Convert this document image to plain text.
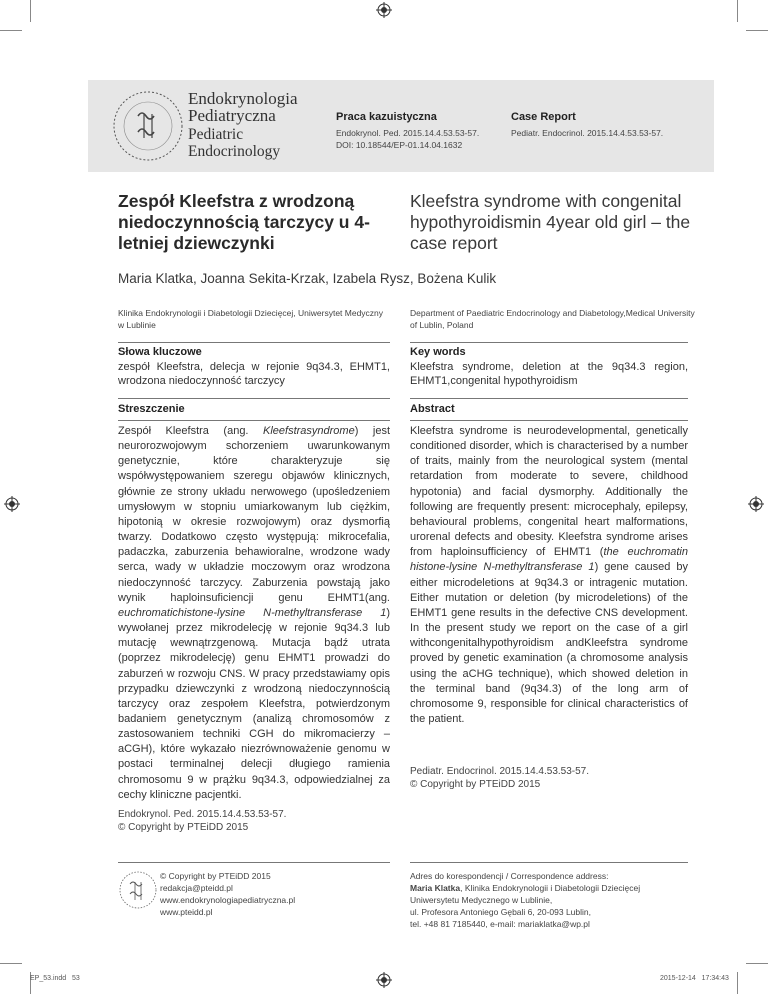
Endokrynologia
Pediatryczna
Pediatric
Endocrinology
Praca kazuistyczna
Endokrynol. Ped. 2015.14.4.53.53-57.
DOI: 10.18544/EP-01.14.04.1632
Case Report
Pediatr. Endocrinol. 2015.14.4.53.53-57.
Zespół Kleefstra z wrodzoną niedoczynnością tarczycy u 4-letniej dziewczynki
Kleefstra syndrome with congenital hypothyroidismin 4year old girl – the case report
Maria Klatka, Joanna Sekita-Krzak, Izabela Rysz, Bożena Kulik
Klinika Endokrynologii i Diabetologii Dziecięcej, Uniwersytet Medyczny w Lublinie
Department of Paediatric Endocrinology and Diabetology,Medical University of Lublin, Poland
Słowa kluczowe
zespół Kleefstra, delecja w rejonie 9q34.3, EHMT1, wrodzona niedoczynność tarczycy
Key words
Kleefstra syndrome, deletion at the 9q34.3 region, EHMT1,congenital hypothyroidism
Streszczenie	Abstract

Zespół Kleefstra (ang. Kleefstrasyndrome) jest neurorozwojowym schorzeniem uwarunkowanym genetycznie, które charakteryzuje się współwystępowaniem szeregu objawów klinicznych, głównie ze strony układu nerwowego (upośledzeniem umysłowym w stopniu umiarkowanym lub ciężkim, hipotonią w okresie rozwojowym) oraz dysmorfią twarzy. Dodatkowo często występują: mikrocefalia, padaczka, zaburzenia behawioralne, wrodzone wady serca, wady w układzie moczowym oraz wrodzona niedoczynność tarczycy. Zaburzenia powstają jako wynik haploinsuficiencji genu EHMT1(ang. euchromatichistone-lysine N-methyltransferase 1) wywołanej przez mikrodelecję w rejonie 9q34.3 lub mutację wewnątrzgenową. Mutacja bądź utrata (poprzez mikrodelecję) genu EHMT1 prowadzi do zaburzeń w rozwoju CNS. W pracy przedstawiamy opis przypadku dziewczynki z wrodzoną niedoczynnością tarczycy oraz zespołem Kleefstra, potwierdzonym badaniem genetycznym (analizą chromosomów z zastosowaniem techniki CGH do mikromacierzy – aCGH), które wykazało niezrównoważenie genomu w postaci terminalnej delecji długiego ramienia chromosomu 9 w prążku 9q34.3, odpowiedzialnej za cechy kliniczne pacjentki.

Kleefstra syndrome is neurodevelopmental, genetically conditioned disorder, which is characterised by a number of traits, mainly from the neurological system (mental retardation from moderate to severe, childhood hypotonia) and facial dysmorphy. Additionally the following are frequently present: microcephaly, epilepsy, behavioural problems, congenital heart malformations, urorenal defects and obesity. Kleefstra syndrome arises from haploinsufficiency of EHMT1 (the euchromatin histone-lysine N-methyltransferase 1) gene caused by either microdeletions at 9q34.3 or intragenic mutation. Either mutation or deletion (by microdeletions) of the EHMT1 gene results in the defective CNS development. In the present study we report on the case of a girl withcongenitalhypothyroidism andKleefstra syndrome proved by genetic examination (a chromosome analysis using the aCHG technique), which showed deletion in the terminal band (9q34.3) of the long arm of chromosome 9, responsible for clinical characteristics of the patient.

Pediatr. Endocrinol. 2015.14.4.53.53-57.
© Copyright by PTEiDD 2015
Endokrynol. Ped. 2015.14.4.53.53-57.
© Copyright by PTEiDD 2015
© Copyright by PTEiDD 2015
redakcja@pteidd.pl
www.endokrynologiapediatryczna.pl
www.pteidd.pl
Adres do korespondencji / Correspondence address:
Maria Klatka, Klinika Endokrynologii i Diabetologii Dziecięcej
Uniwersytetu Medycznego w Lublinie,
ul. Profesora Antoniego Gębali 6, 20-093 Lublin,
tel. +48 81 7185440, e-mail: mariaklatka@wp.pl
EP_53.indd   53	2015-12-14   17:34:43
